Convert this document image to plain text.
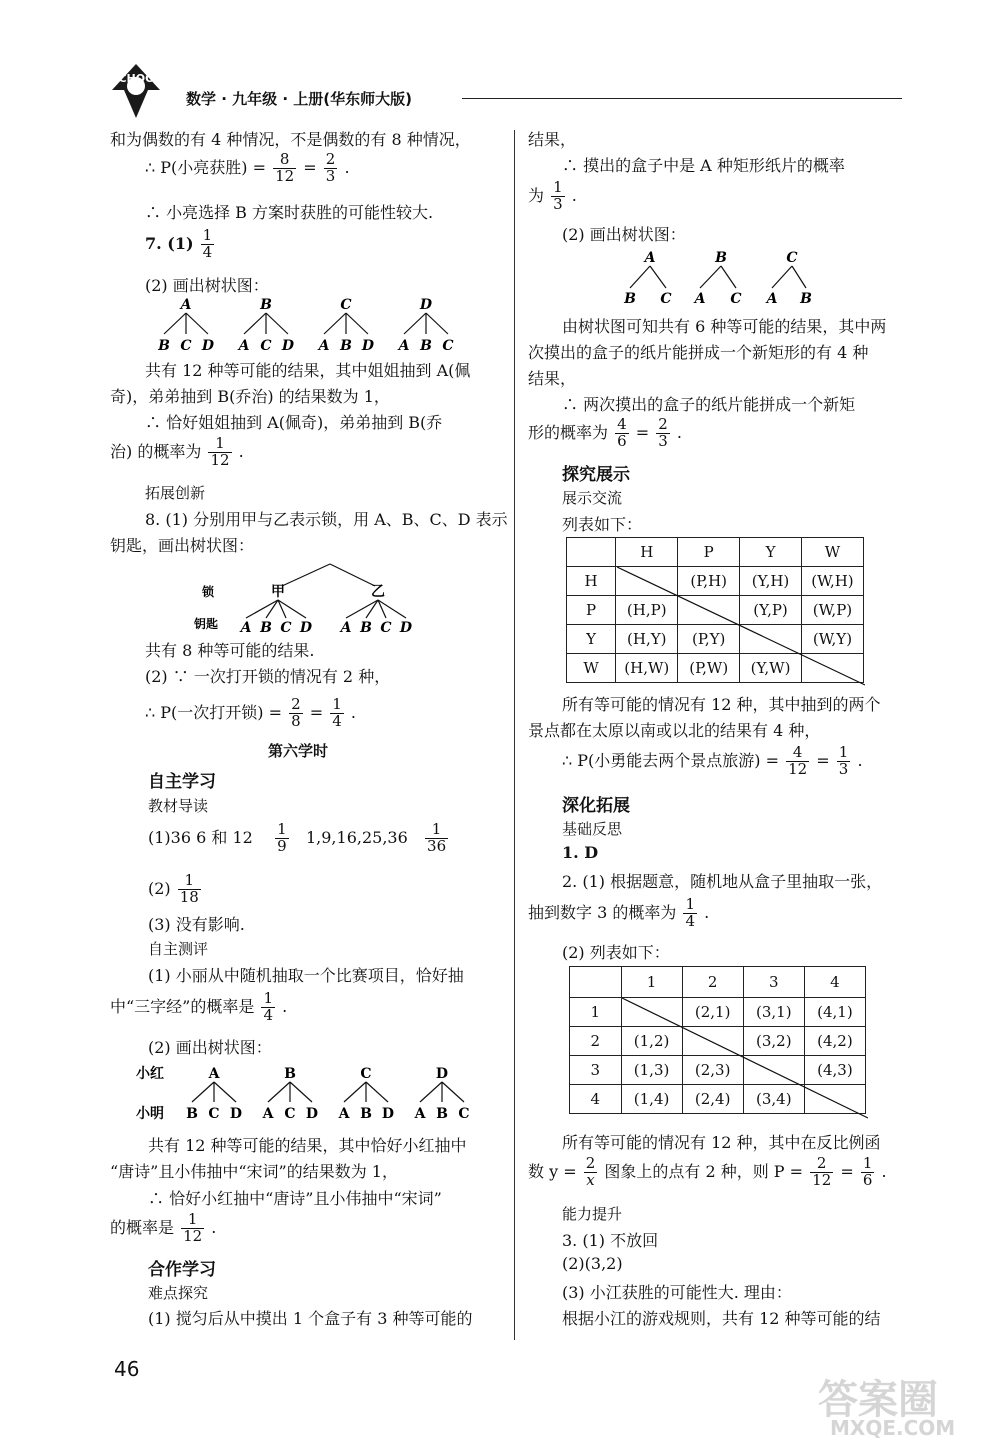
SCHOOL
数学 · 九年级 · 上册(华东师大版)
和为偶数的有 4 种情况，不是偶数的有 8 种情况，
∴ P(小亮获胜) = $\frac{8}{12} = \frac{2}{3}$ .
∴ 小亮选择 B 方案时获胜的可能性较大.
7. $(1) \frac{1}{4}$
(2) 画出树状图：
A
B C D
B
A C D
C
A B D
D
A B C
共有 12 种等可能的结果，其中姐姐抽到 A(佩
奇)，弟弟抽到 B(乔治) 的结果数为 1，
∴ 恰好姐姐抽到 A(佩奇)，弟弟抽到 B(乔
治) 的概率为 $\frac{1}{12}$ .
拓展创新
8. (1) 分别用甲与乙表示锁，用 A、B、C、D 表示
钥匙，画出树状图：
锁
钥匙
甲	乙
A B C D A B C D
共有 8 种等可能的结果.
(2) ∵ 一次打开锁的情况有 2 种，
∴ P(一次打开锁) = $\frac{2}{8} = \frac{1}{4}$ .
第六学时
自主学习
教材导读
(1)36 6 和 $12 \frac{1}{9} 1,9,16,25,36 \frac{1}{36}$
$(2) \frac{1}{18}$
(3) 没有影响.
自主测评
(1) 小丽从中随机抽取一个比赛项目，恰好抽
中“三字经”的概率是 $\frac{1}{4}$ .
(2) 画出树状图：
小红
小明
A
B C D
B
A C D
C
A B D
D
A B C
共有 12 种等可能的结果，其中恰好小红抽中
“唐诗”且小伟抽中“宋词”的结果数为 1，
∴ 恰好小红抽中“唐诗”且小伟抽中“宋词”
的概率是 $\frac{1}{12}$ .
合作学习
难点探究
(1) 搅匀后从中摸出 1 个盒子有 3 种等可能的
46
结果，
∴ 摸出的盒子中是 A 种矩形纸片的概率
为 $\frac{1}{3}$ .
(2) 画出树状图：
A
B C
B
A C
C
A B
由树状图可知共有 6 种等可能的结果，其中两
次摸出的盒子的纸片能拼成一个新矩形的有 4 种
结果，
∴ 两次摸出的盒子的纸片能拼成一个新矩
形的概率为 $\frac{4}{6} = \frac{2}{3}$ .
探究展示
展示交流
列表如下：
	H	P	Y	W
H		(P,H)	(Y,H)	(W,H)
P	(H,P)		(Y,P)	(W,P)
Y	(H,Y)	(P,Y)		(W,Y)
W	(H,W)	(P,W)	(Y,W)	
所有等可能的情况有 12 种，其中抽到的两个
景点都在太原以南或以北的结果有 4 种，
∴ P(小勇能去两个景点旅游) = $\frac{4}{12} = \frac{1}{3}$ .
深化拓展
基础反思
1. D
2. (1) 根据题意，随机地从盒子里抽取一张，
抽到数字 3 的概率为 $\frac{1}{4}$ .
(2) 列表如下：
	1	2	3	4
1		(2,1)	(3,1)	(4,1)
2	(1,2)		(3,2)	(4,2)
3	(1,3)	(2,3)		(4,3)
4	(1,4)	(2,4)	(3,4)	
所有等可能的情况有 12 种，其中在反比例函
数 $y = \frac{2}{x}$ 图象上的点有 2 种，则 $P = \frac{2}{12} = \frac{1}{6}$ .
能力提升
3. (1) 不放回
(2)(3,2)
(3) 小江获胜的可能性大. 理由：
根据小江的游戏规则，共有 12 种等可能的结
答案圈
MXQE.COM
